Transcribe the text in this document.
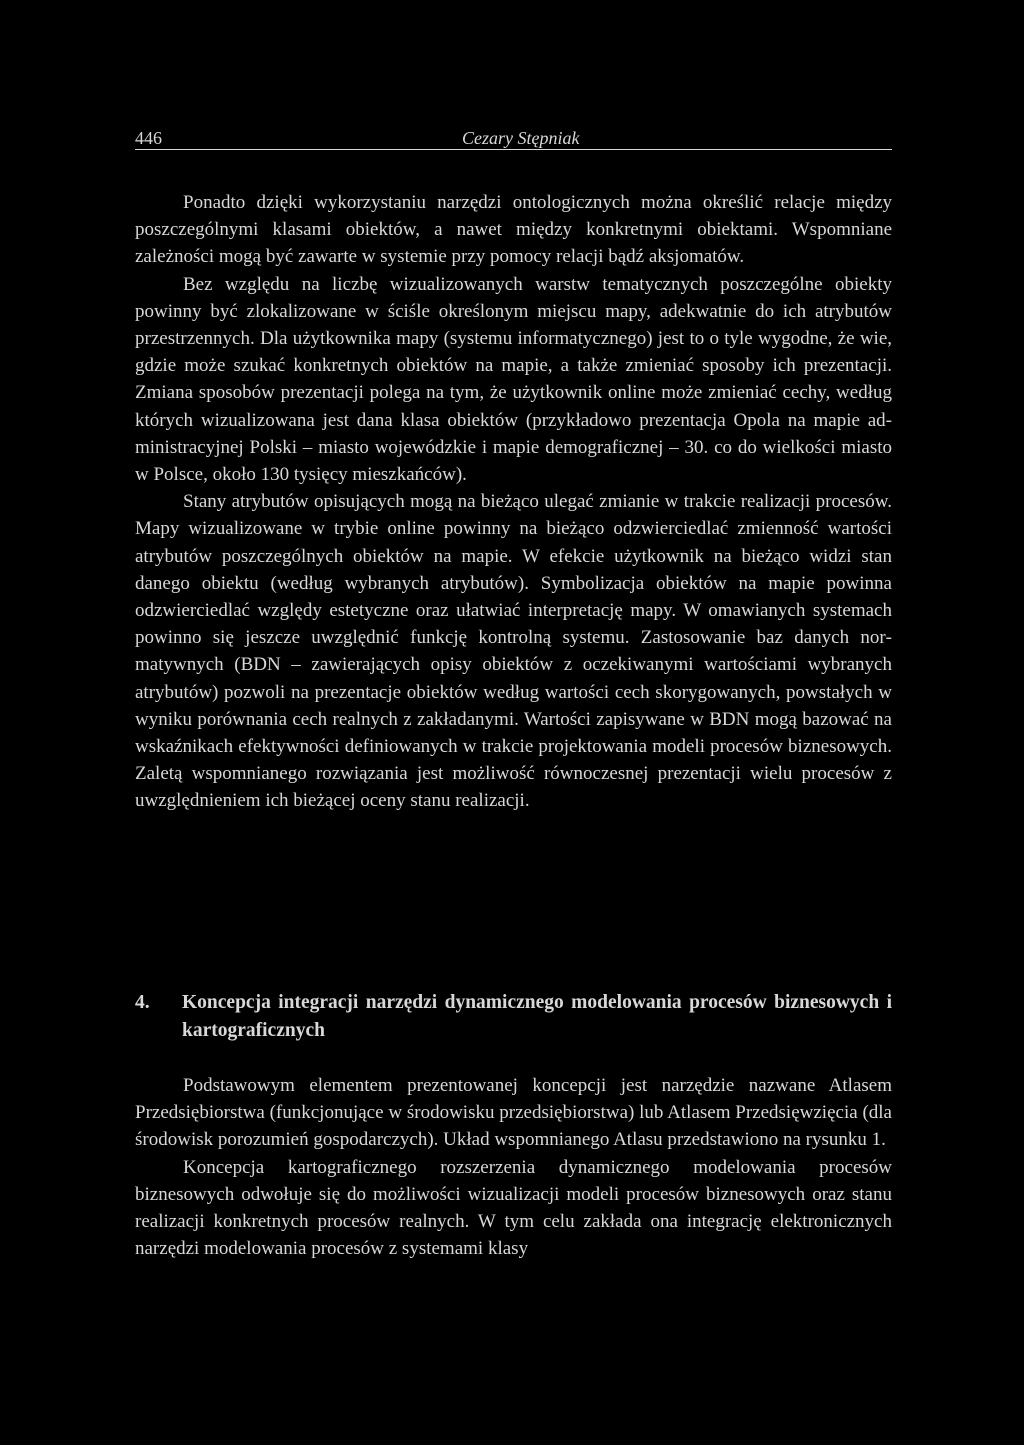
446	Cezary Stępniak

Ponadto dzięki wykorzystaniu narzędzi ontologicznych można określić relacje między poszczególnymi klasami obiektów, a nawet między konkretnymi obiektami. Wspomniane zależności mogą być zawarte w systemie przy pomocy relacji bądź aksjomatów.

Bez względu na liczbę wizualizowanych warstw tematycznych poszczególne obiekty powinny być zlokalizowane w ściśle określonym miejscu mapy, adekwatnie do ich atrybutów przestrzennych. Dla użytkownika mapy (systemu informatycznego) jest to o tyle wygodne, że wie, gdzie może szukać konkretnych obiektów na mapie, a także zmieniać sposoby ich prezentacji. Zmiana sposobów prezentacji polega na tym, że użytkownik online może zmieniać cechy, według których wizualizowana jest dana klasa obiektów (przykładowo prezentacja Opola na mapie administracyjnej Polski – miasto wojewódzkie i mapie demograficznej – 30. co do wielkości miasto w Polsce, około 130 tysięcy mieszkańców).

Stany atrybutów opisujących mogą na bieżąco ulegać zmianie w trakcie realizacji procesów. Mapy wizualizowane w trybie online powinny na bieżąco odzwierciedlać zmienność wartości atrybutów poszczególnych obiektów na mapie. W efekcie użytkownik na bieżąco widzi stan danego obiektu (według wybranych atrybutów). Symbolizacja obiektów na mapie powinna odzwierciedlać względy estetyczne oraz ułatwiać interpretację mapy. W omawianych systemach powinno się jeszcze uwzględnić funkcję kontrolną systemu. Zastosowanie baz danych normatywnych (BDN – zawierających opisy obiektów z oczekiwanymi wartościami wybranych atrybutów) pozwoli na prezentacje obiektów według wartości cech skorygowanych, powstałych w wyniku porównania cech realnych z zakładanymi. Wartości zapisywane w BDN mogą bazować na wskaźnikach efektywności definiowanych w trakcie projektowania modeli procesów biznesowych. Zaletą wspomnianego rozwiązania jest możliwość równoczesnej prezentacji wielu procesów z uwzględnieniem ich bieżącej oceny stanu realizacji.

4. Koncepcja integracji narzędzi dynamicznego modelowania procesów biznesowych i kartograficznych

Podstawowym elementem prezentowanej koncepcji jest narzędzie nazwane Atlasem Przedsiębiorstwa (funkcjonujące w środowisku przedsiębiorstwa) lub Atlasem Przedsięwzięcia (dla środowisk porozumień gospodarczych). Układ wspomnianego Atlasu przedstawiono na rysunku 1.

Koncepcja kartograficznego rozszerzenia dynamicznego modelowania procesów biznesowych odwołuje się do możliwości wizualizacji modeli procesów biznesowych oraz stanu realizacji konkretnych procesów realnych. W tym celu zakłada ona integrację elektronicznych narzędzi modelowania procesów z systemami klasy
